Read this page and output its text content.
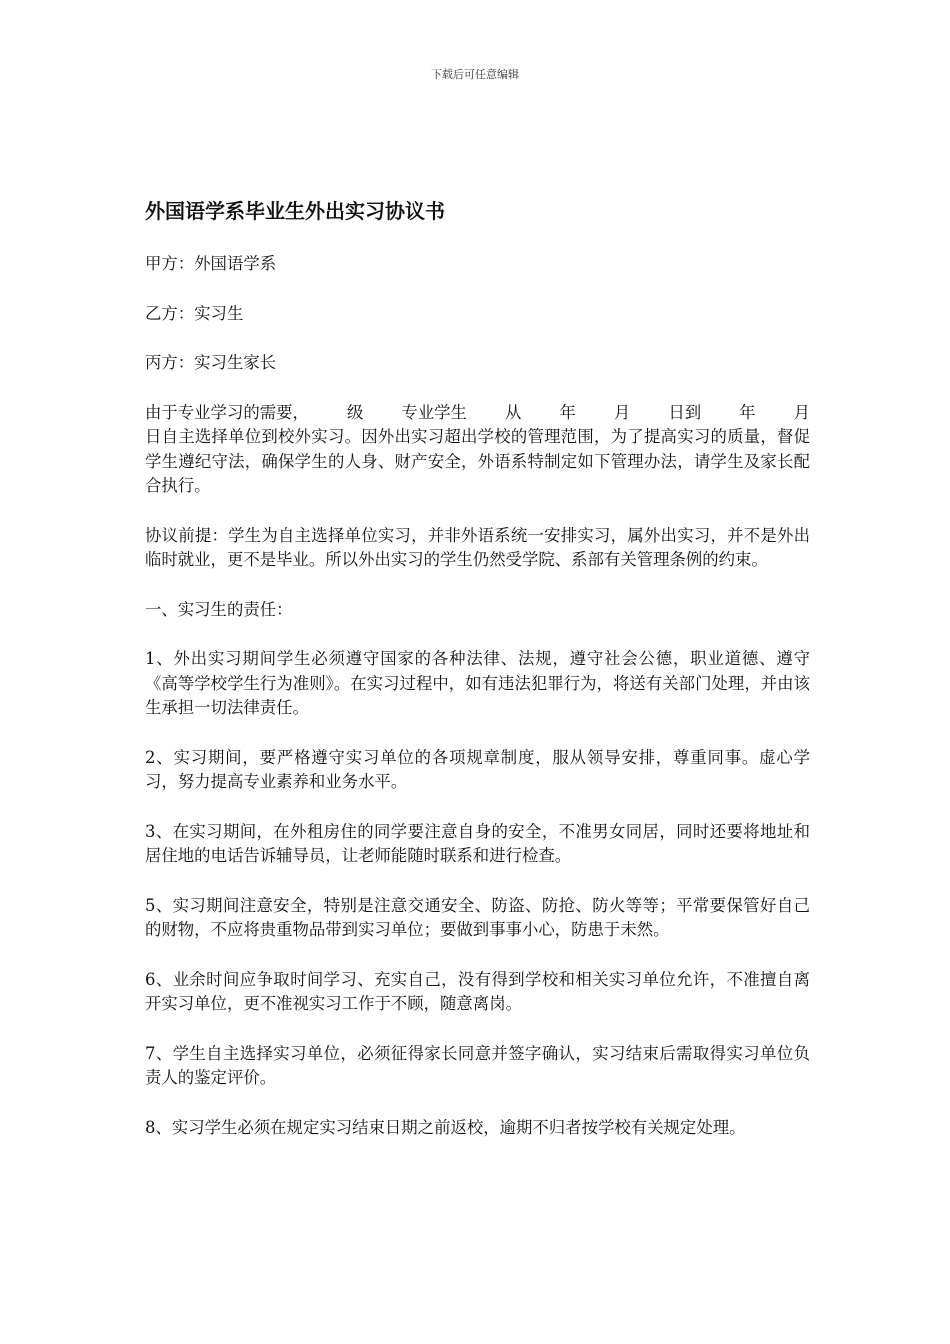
下载后可任意编辑
外国语学系毕业生外出实习协议书
甲方：外国语学系
乙方：实习生
丙方：实习生家长
由于专业学习的需要， 级 专业学生 从 年 月 日到 年 月
日自主选择单位到校外实习。因外出实习超出学校的管理范围，为了提高实习的质量，督促学生遵纪守法，确保学生的人身、财产安全，外语系特制定如下管理办法，请学生及家长配合执行。
协议前提：学生为自主选择单位实习，并非外语系统一安排实习，属外出实习，并不是外出临时就业，更不是毕业。所以外出实习的学生仍然受学院、系部有关管理条例的约束。
一、实习生的责任：
1、外出实习期间学生必须遵守国家的各种法律、法规，遵守社会公德，职业道德、遵守《高等学校学生行为准则》。在实习过程中，如有违法犯罪行为，将送有关部门处理，并由该生承担一切法律责任。
2、实习期间，要严格遵守实习单位的各项规章制度，服从领导安排，尊重同事。虚心学习，努力提高专业素养和业务水平。
3、在实习期间，在外租房住的同学要注意自身的安全，不准男女同居，同时还要将地址和居住地的电话告诉辅导员，让老师能随时联系和进行检查。
5、实习期间注意安全，特别是注意交通安全、防盗、防抢、防火等等；平常要保管好自己的财物，不应将贵重物品带到实习单位；要做到事事小心，防患于未然。
6、业余时间应争取时间学习、充实自己，没有得到学校和相关实习单位允许，不准擅自离开实习单位，更不准视实习工作于不顾，随意离岗。
7、学生自主选择实习单位，必须征得家长同意并签字确认，实习结束后需取得实习单位负责人的鉴定评价。
8、实习学生必须在规定实习结束日期之前返校，逾期不归者按学校有关规定处理。
